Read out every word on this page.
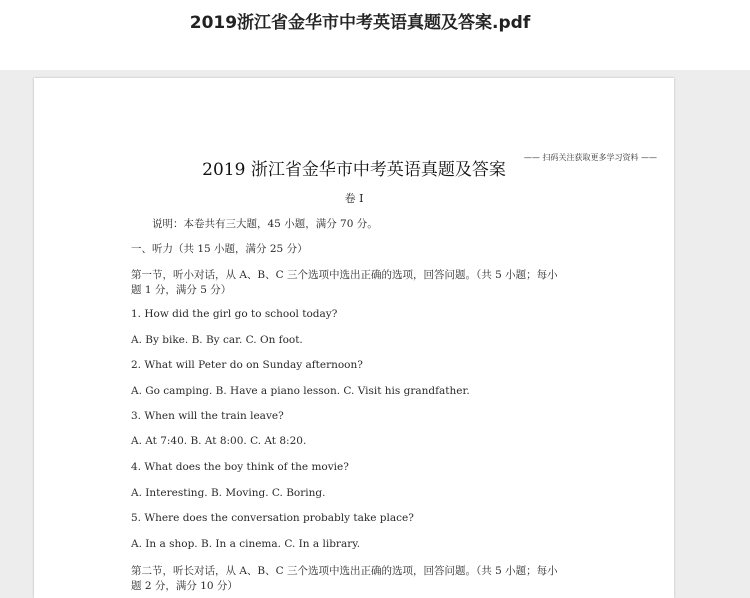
2019浙江省金华市中考英语真题及答案.pdf
—— 扫码关注获取更多学习资料 ——
2019 浙江省金华市中考英语真题及答案
卷 I
说明：本卷共有三大题，45 小题，满分 70 分。
一、听力（共 15 小题，满分 25 分）
第一节，听小对话，从 A、B、C 三个选项中选出正确的选项，回答问题。（共 5 小题；每小
题 1 分，满分 5 分）
1. How did the girl go to school today?
A. By bike. B. By car. C. On foot.
2. What will Peter do on Sunday afternoon?
A. Go camping. B. Have a piano lesson. C. Visit his grandfather.
3. When will the train leave?
A. At 7:40. B. At 8:00. C. At 8:20.
4. What does the boy think of the movie?
A. Interesting. B. Moving. C. Boring.
5. Where does the conversation probably take place?
A. In a shop. B. In a cinema. C. In a library.
第二节，听长对话，从 A、B、C 三个选项中选出正确的选项，回答问题。（共 5 小题；每小
题 2 分，满分 10 分）
